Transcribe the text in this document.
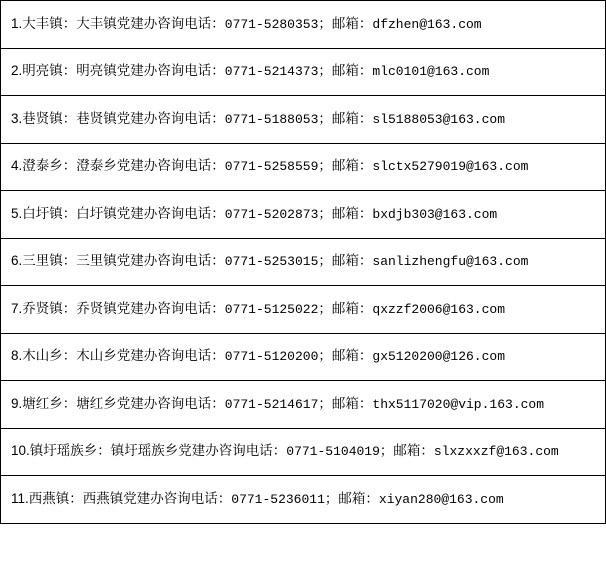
1.大丰镇：大丰镇党建办咨询电话：0771-5280353；邮箱：dfzhen@163.com
2.明亮镇：明亮镇党建办咨询电话：0771-5214373；邮箱：mlc0101@163.com
3.巷贤镇：巷贤镇党建办咨询电话：0771-5188053；邮箱：sl5188053@163.com
4.澄泰乡：澄泰乡党建办咨询电话：0771-5258559；邮箱：slctx5279019@163.com
5.白圩镇：白圩镇党建办咨询电话：0771-5202873；邮箱：bxdjb303@163.com
6.三里镇：三里镇党建办咨询电话：0771-5253015；邮箱：sanlizhengfu@163.com
7.乔贤镇：乔贤镇党建办咨询电话：0771-5125022；邮箱：qxzzf2006@163.com
8.木山乡：木山乡党建办咨询电话：0771-5120200；邮箱：gx5120200@126.com
9.塘红乡：塘红乡党建办咨询电话：0771-5214617；邮箱：thx5117020@vip.163.com
10.镇圩瑶族乡：镇圩瑶族乡党建办咨询电话：0771-5104019；邮箱：slxzxxzf@163.com
11.西燕镇：西燕镇党建办咨询电话：0771-5236011；邮箱：xiyan280@163.com
